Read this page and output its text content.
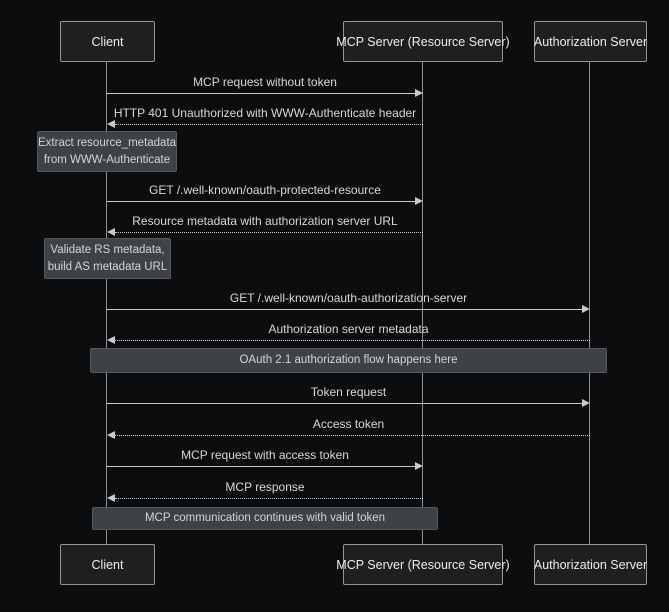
Client	MCP Server (Resource Server) Authorization Server
MCP request without token
HTTP 401 Unauthorized with WWW-Authenticate header
Extract resource_metadata
from WWW-Authenticate
GET /.well-known/oauth-protected-resource
Resource metadata with authorization server URL
Validate RS metadata,
build AS metadata URL
GET /.well-known/oauth-authorization-server
Authorization server metadata
OAuth 2.1 authorization flow happens here
Token request
Access token
MCP request with access token
MCP response
MCP communication continues with valid token
Client	MCP Server (Resource Server) Authorization Server
